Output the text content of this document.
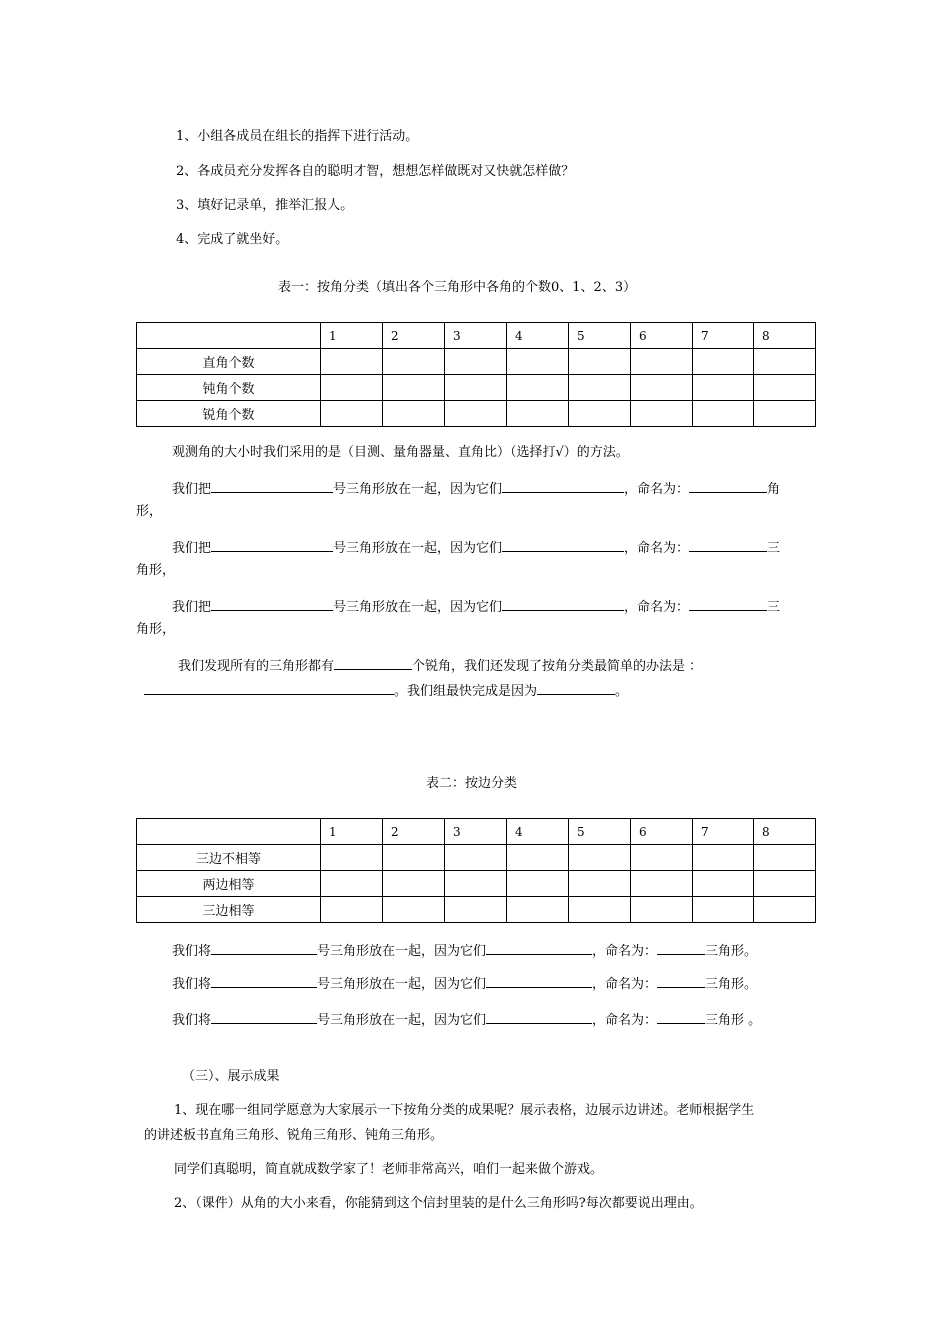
1、小组各成员在组长的指挥下进行活动。
2、各成员充分发挥各自的聪明才智，想想怎样做既对又快就怎样做？
3、填好记录单，推举汇报人。
4、完成了就坐好。
表一：按角分类（填出各个三角形中各角的个数0、1、2、3）
	1	2	3	4	5	6	7	8
直角个数								
钝角个数								
锐角个数								
观测角的大小时我们采用的是（目测、量角器量、直角比）（选择打√）的方法。
我们把	号三角形放在一起，因为它们	，命名为：	角
形，
我们把	号三角形放在一起，因为它们	，命名为：	三
角形，
我们把	号三角形放在一起，因为它们	，命名为：	三
角形，
我们发现所有的三角形都有	个锐角，我们还发现了按角分类最简单的办法是 ：
。我们组最快完成是因为	。
表二：按边分类
	1	2	3	4	5	6	7	8
三边不相等								
两边相等								
三边相等								
我们将	号三角形放在一起，因为它们	，命名为：	三角形。
我们将	号三角形放在一起，因为它们	，命名为：	三角形。
我们将	号三角形放在一起，因为它们	，命名为：	三角形 。
（三）、展示成果
1、现在哪一组同学愿意为大家展示一下按角分类的成果呢？展示表格，边展示边讲述。老师根据学生
的讲述板书直角三角形、锐角三角形、钝角三角形。
同学们真聪明，简直就成数学家了！老师非常高兴，咱们一起来做个游戏。
2、（课件）从角的大小来看，你能猜到这个信封里装的是什么三角形吗?每次都要说出理由。
